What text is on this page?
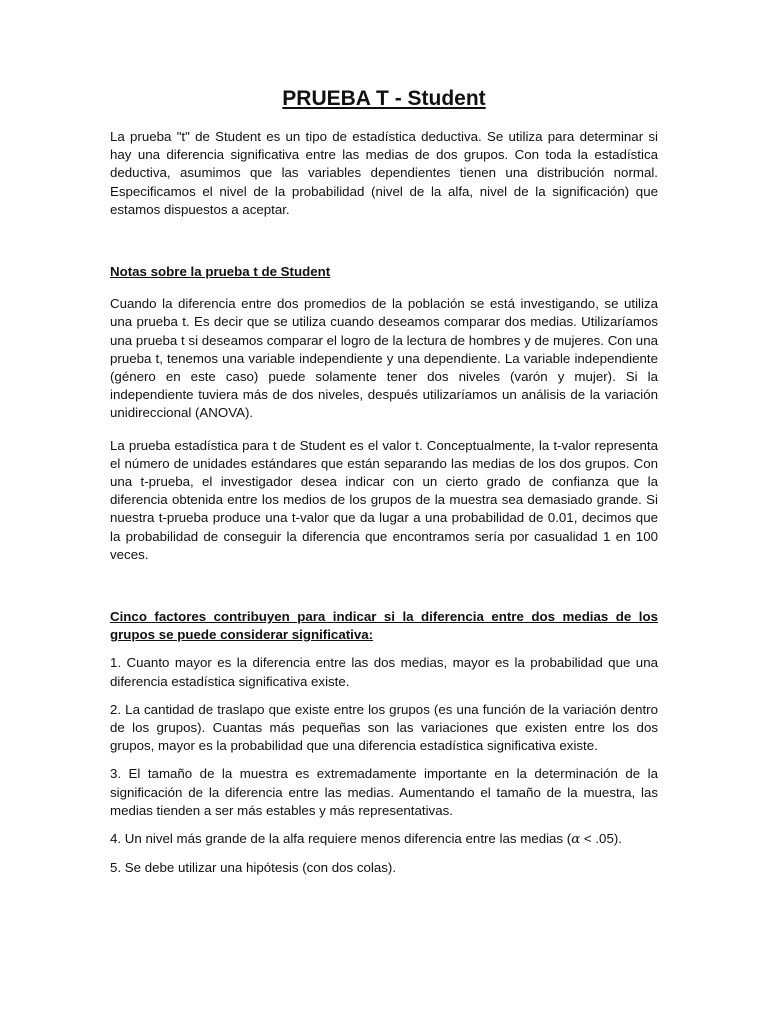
PRUEBA T - Student

La prueba "t" de Student es un tipo de estadística deductiva. Se utiliza para determinar si hay una diferencia significativa entre las medias de dos grupos. Con toda la estadística deductiva, asumimos que las variables dependientes tienen una distribución normal. Especificamos el nivel de la probabilidad (nivel de la alfa, nivel de la significación) que estamos dispuestos a aceptar.

Notas sobre la prueba t de Student

Cuando la diferencia entre dos promedios de la población se está investigando, se utiliza una prueba t. Es decir que se utiliza cuando deseamos comparar dos medias. Utilizaríamos una prueba t si deseamos comparar el logro de la lectura de hombres y de mujeres. Con una prueba t, tenemos una variable independiente y una dependiente. La variable independiente (género en este caso) puede solamente tener dos niveles (varón y mujer). Si la independiente tuviera más de dos niveles, después utilizaríamos un análisis de la variación unidireccional (ANOVA).

La prueba estadística para t de Student es el valor t. Conceptualmente, la t-valor representa el número de unidades estándares que están separando las medias de los dos grupos. Con una t-prueba, el investigador desea indicar con un cierto grado de confianza que la diferencia obtenida entre los medios de los grupos de la muestra sea demasiado grande. Si nuestra t-prueba produce una t-valor que da lugar a una probabilidad de 0.01, decimos que la probabilidad de conseguir la diferencia que encontramos sería por casualidad 1 en 100 veces.

Cinco factores contribuyen para indicar si la diferencia entre dos medias de los grupos se puede considerar significativa:

1. Cuanto mayor es la diferencia entre las dos medias, mayor es la probabilidad que una diferencia estadística significativa existe.

2. La cantidad de traslapo que existe entre los grupos (es una función de la variación dentro de los grupos). Cuantas más pequeñas son las variaciones que existen entre los dos grupos, mayor es la probabilidad que una diferencia estadística significativa existe.

3. El tamaño de la muestra es extremadamente importante en la determinación de la significación de la diferencia entre las medias. Aumentando el tamaño de la muestra, las medias tienden a ser más estables y más representativas.

4. Un nivel más grande de la alfa requiere menos diferencia entre las medias (α < .05).

5. Se debe utilizar una hipótesis (con dos colas).
